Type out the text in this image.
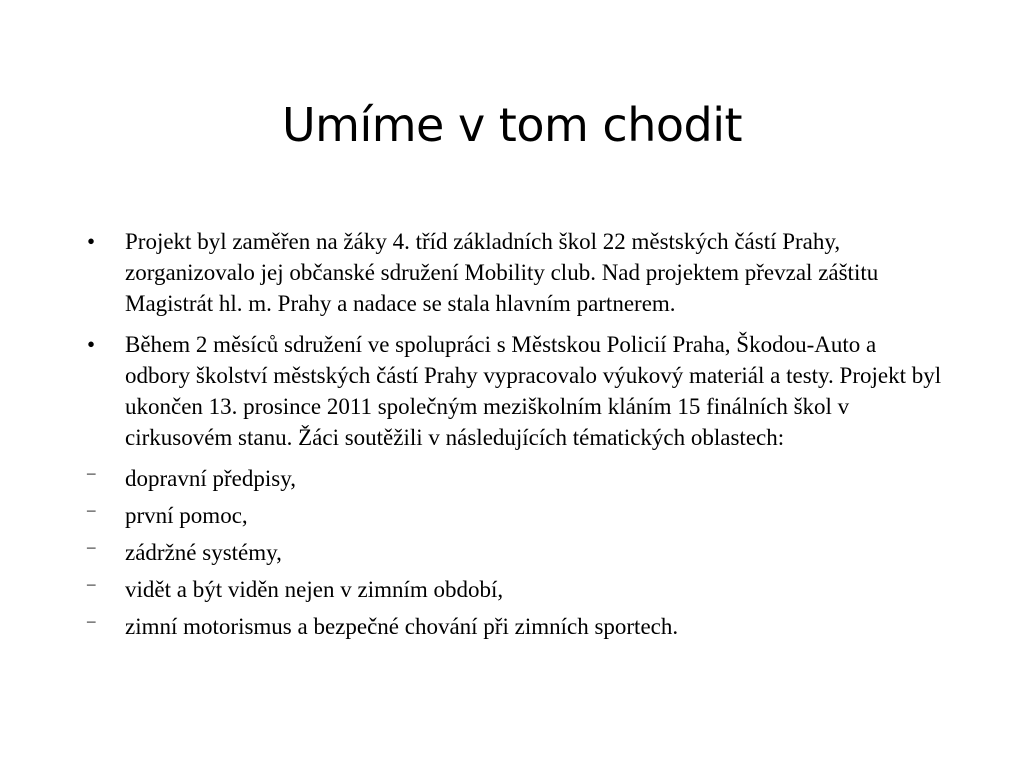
Umíme v tom chodit
• Projekt byl zaměřen na žáky 4. tříd základních škol 22 městských částí Prahy, zorganizovalo jej občanské sdružení Mobility club. Nad projektem převzal záštitu Magistrát hl. m. Prahy a nadace se stala hlavním partnerem.
• Během 2 měsíců sdružení ve spolupráci s Městskou Policií Praha, Škodou-Auto a odbory školství městských částí Prahy vypracovalo výukový materiál a testy. Projekt byl ukončen 13. prosince 2011 společným meziškolním kláním 15 finálních škol v cirkusovém stanu. Žáci soutěžili v následujících tématických oblastech:
– dopravní předpisy,
– první pomoc,
– zádržné systémy,
– vidět a být viděn nejen v zimním období,
– zimní motorismus a bezpečné chování při zimních sportech.
